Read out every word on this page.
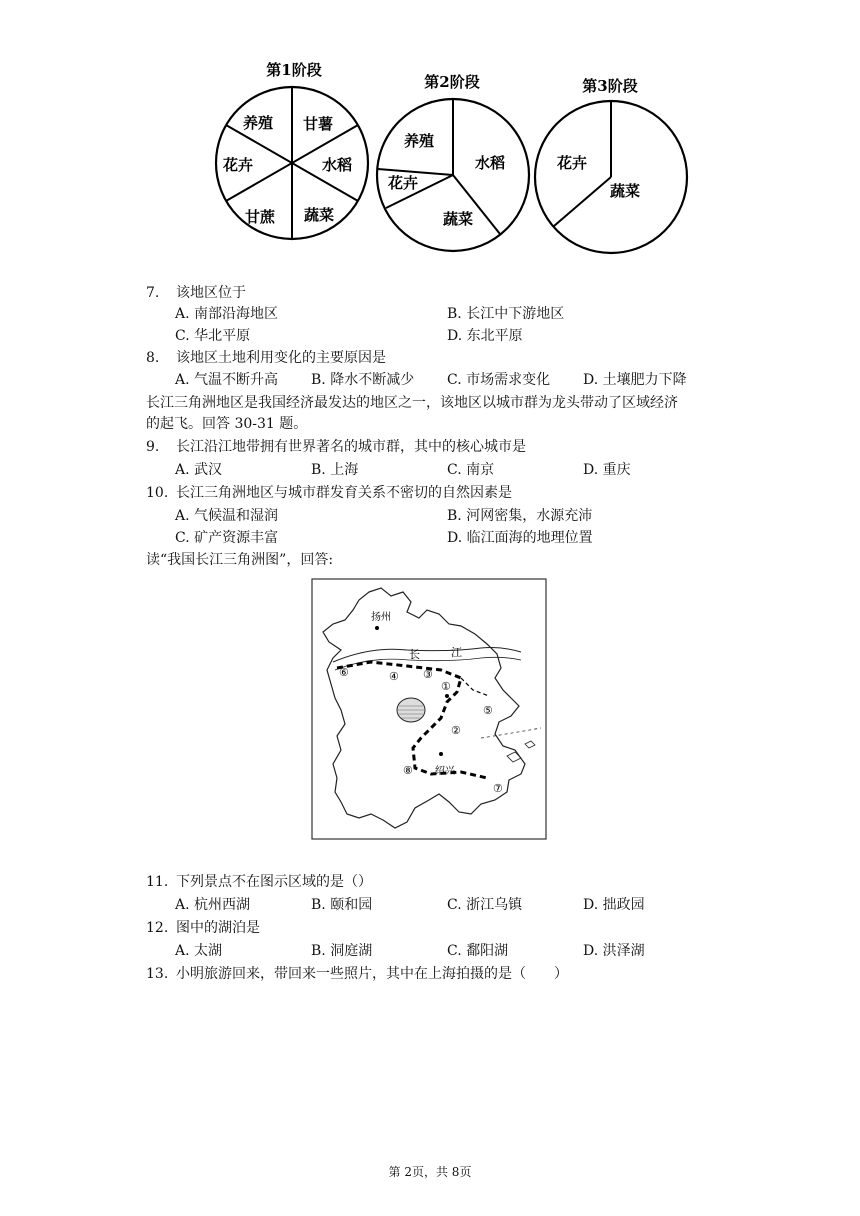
第1阶段
第2阶段	第3阶段
养殖 甘薯
水稻
蔬菜
甘蔗
花卉
养殖
水稻
蔬菜
花卉
花卉
蔬菜
7. 该地区位于
A. 南部沿海地区	B. 长江中下游地区
C. 华北平原	D. 东北平原
8. 该地区土地利用变化的主要原因是
A. 气温不断升高 B. 降水不断减少 C. 市场需求变化 D. 土壤肥力下降
长江三角洲地区是我国经济最发达的地区之一，该地区以城市群为龙头带动了区域经济
的起飞。回答 30-31 题。
9. 长江沿江地带拥有世界著名的城市群，其中的核心城市是
A. 武汉	B. 上海	C. 南京	D. 重庆
10. 长江三角洲地区与城市群发育关系不密切的自然因素是
A. 气候温和湿润	B. 河网密集，水源充沛
C. 矿产资源丰富	D. 临江面海的地理位置
读“我国长江三角洲图”，回答:
扬州
长	江
绍兴
①
②
③
④
⑤
⑥
⑦
⑧
11. 下列景点不在图示区域的是（）
A. 杭州西湖	B. 颐和园	C. 浙江乌镇	D. 拙政园
12. 图中的湖泊是
A. 太湖	B. 洞庭湖	C. 鄱阳湖	D. 洪泽湖
13. 小明旅游回来，带回来一些照片，其中在上海拍摄的是（　　）
第 2页，共 8页
